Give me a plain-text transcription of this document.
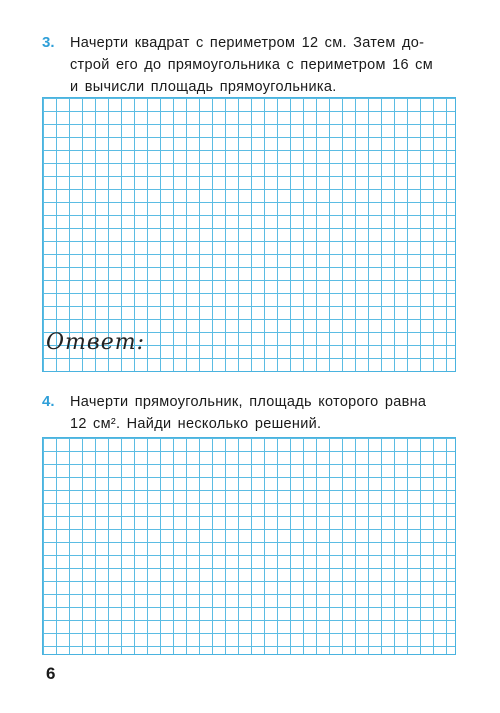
3.	Начерти квадрат с периметром 12 см. Затем до-
строй его до прямоугольника с периметром 16 см
и вычисли площадь прямоугольника.
Ответ:
4.	Начерти прямоугольник, площадь которого равна
12 см². Найди несколько решений.
6
